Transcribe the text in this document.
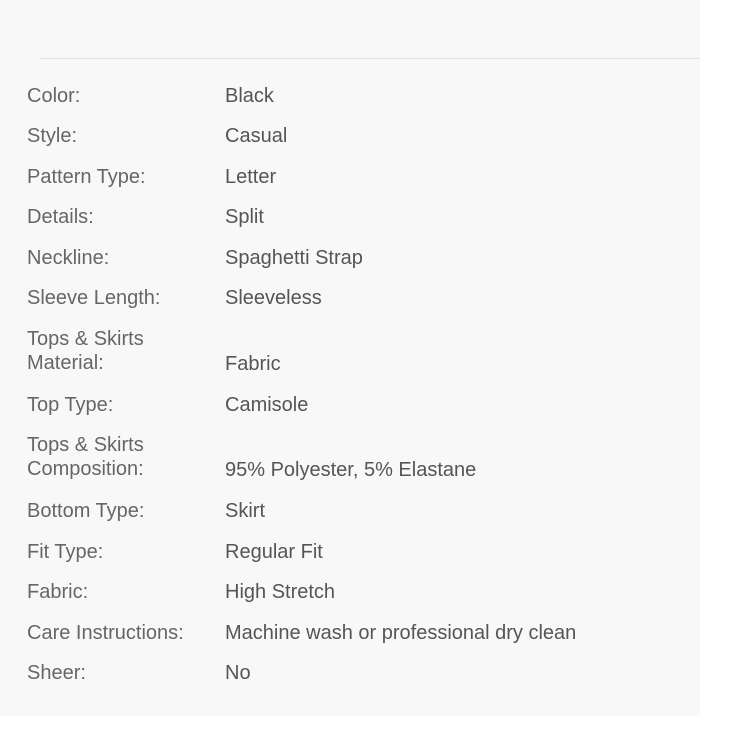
Color:	Black
Style:	Casual
Pattern Type:	Letter
Details:	Split
Neckline:	Spaghetti Strap
Sleeve Length:	Sleeveless
Tops & Skirts
Material:	Fabric
Top Type:	Camisole
Tops & Skirts
Composition:	95% Polyester, 5% Elastane
Bottom Type:	Skirt
Fit Type:	Regular Fit
Fabric:	High Stretch
Care Instructions:	Machine wash or professional dry clean
Sheer:	No
